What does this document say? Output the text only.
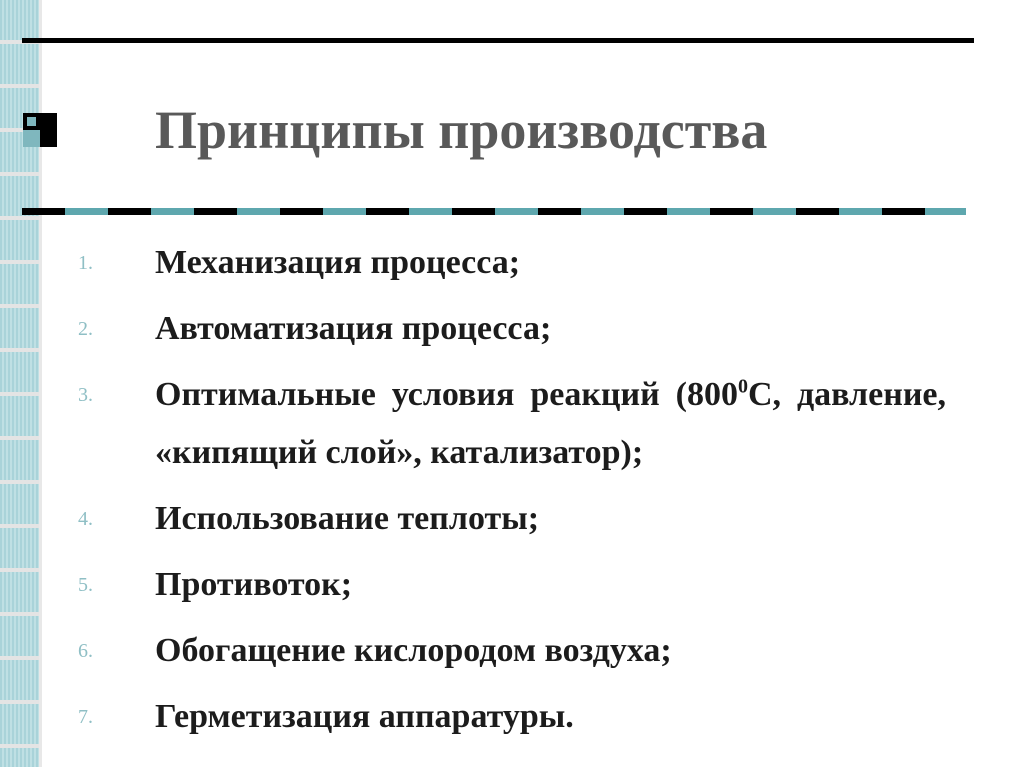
Принципы производства
1.	Механизация процесса;
2.	Автоматизация процесса;
3.	Оптимальные условия реакций ($800^0С$, давление, «кипящий слой», катализатор);
4.	Использование теплоты;
5.	Противоток;
6.	Обогащение кислородом воздуха;
7.	Герметизация аппаратуры.
